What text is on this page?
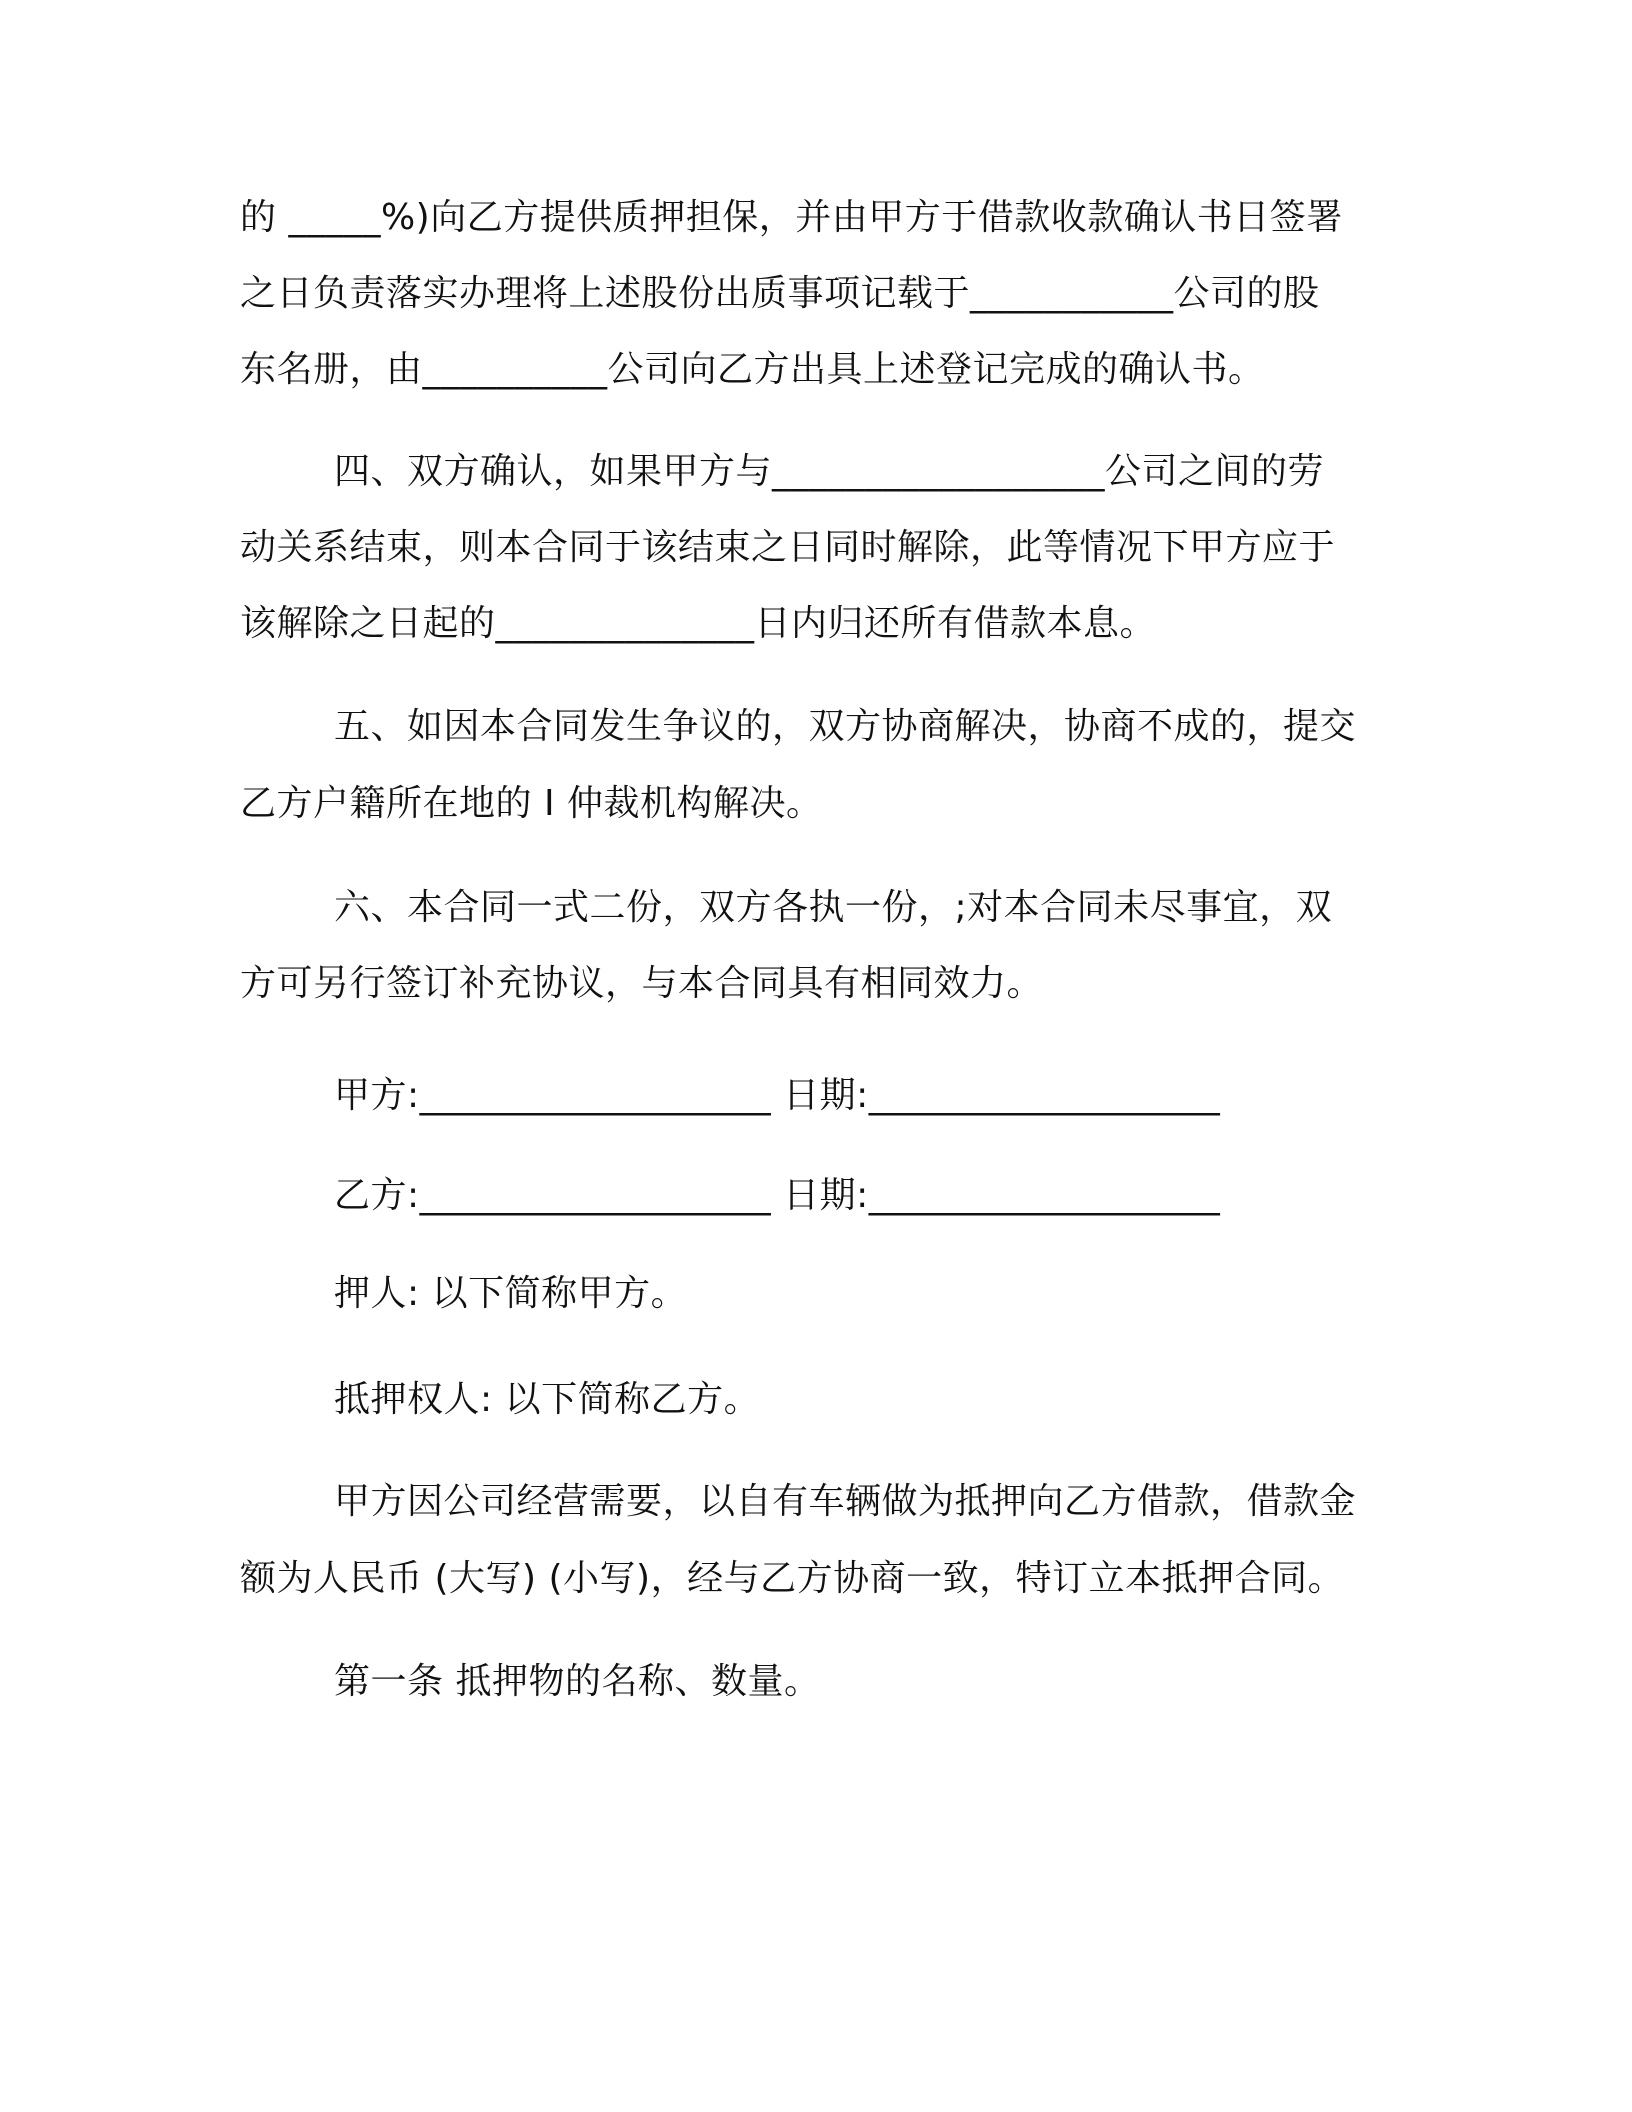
的 _____%)向乙方提供质押担保，并由甲方于借款收款确认书日签署
之日负责落实办理将上述股份出质事项记载于___________公司的股
东名册，由__________公司向乙方出具上述登记完成的确认书。
四、双方确认，如果甲方与__________________公司之间的劳
动关系结束，则本合同于该结束之日同时解除，此等情况下甲方应于
该解除之日起的______________日内归还所有借款本息。
五、如因本合同发生争议的，双方协商解决，协商不成的，提交
乙方户籍所在地的 I 仲裁机构解决。
六、本合同一式二份，双方各执一份，;对本合同未尽事宜，双
方可另行签订补充协议，与本合同具有相同效力。
甲方:___________________ 日期:___________________
乙方:___________________ 日期:___________________
押人: 以下简称甲方。
抵押权人: 以下简称乙方。
甲方因公司经营需要，以自有车辆做为抵押向乙方借款，借款金
额为人民币 (大写) (小写)，经与乙方协商一致，特订立本抵押合同。
第一条 抵押物的名称、数量。
